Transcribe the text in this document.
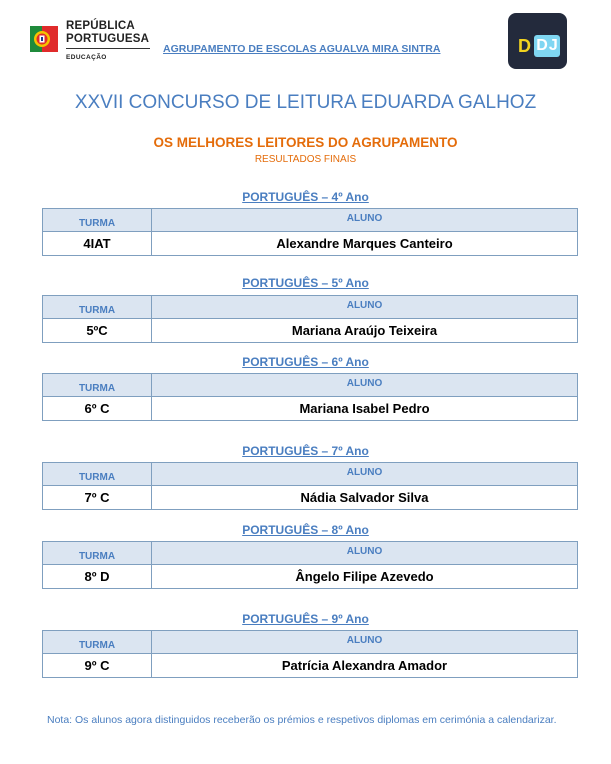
REPÚBLICA
PORTUGUESA
EDUCAÇÃO
AGRUPAMENTO DE ESCOLAS AGUALVA MIRA SINTRA	D D J
XXVII CONCURSO DE LEITURA EDUARDA GALHOZ
OS MELHORES LEITORES DO AGRUPAMENTO
RESULTADOS FINAIS
PORTUGUÊS – 4º Ano
TURMA	ALUNO
4IAT	Alexandre Marques Canteiro
PORTUGUÊS – 5º Ano
TURMA	ALUNO
5ºC	Mariana Araújo Teixeira
PORTUGUÊS – 6º Ano
TURMA	ALUNO
6º C	Mariana Isabel Pedro
PORTUGUÊS – 7º Ano
TURMA	ALUNO
7º C	Nádia Salvador Silva
PORTUGUÊS – 8º Ano
TURMA	ALUNO
8º D	Ângelo Filipe Azevedo
PORTUGUÊS – 9º Ano
TURMA	ALUNO
9º C	Patrícia Alexandra Amador
Nota: Os alunos agora distinguidos receberão os prémios e respetivos diplomas em cerimónia a calendarizar.
